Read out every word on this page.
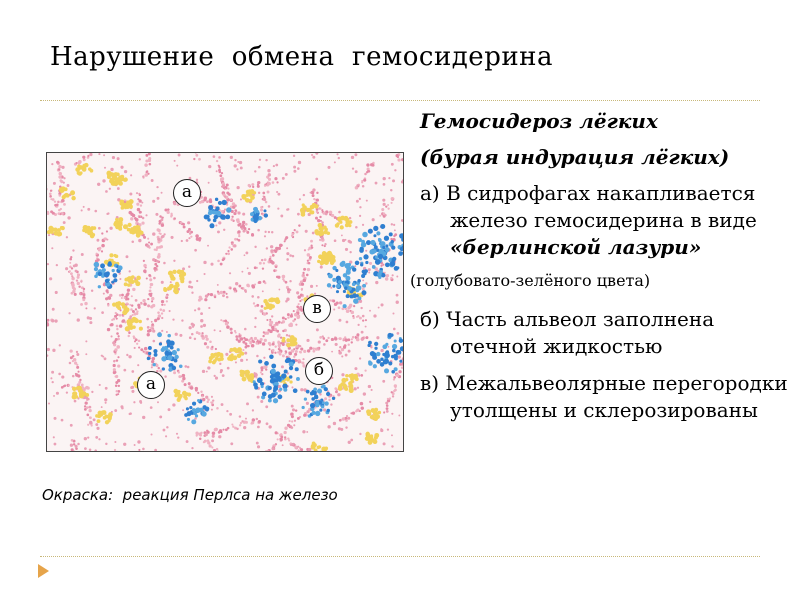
Нарушение  обмена  гемосидерина
а
в
б
а
Окраска:  реакция Перлса на железо
Гемосидероз лёгких
(бурая индурация лёгких)
а) В сидрофагах накапливается железо гемосидерина в виде «берлинской лазури»
(голубовато-зелёного цвета)
б) Часть альвеол заполнена отечной жидкостью
в) Межальвеолярные перегородки утолщены и склерозированы
